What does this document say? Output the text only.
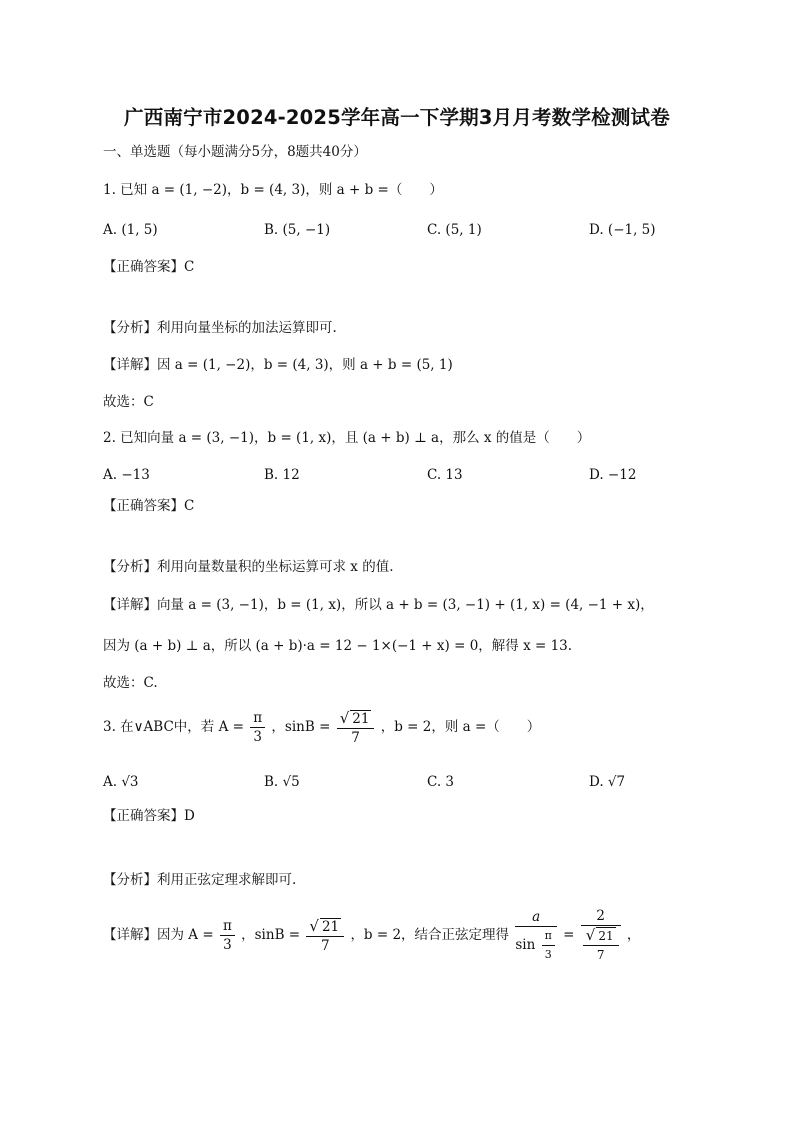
广西南宁市2024-2025学年高一下学期3月月考数学检测试卷
一、单选题（每小题满分5分，8题共40分）
1. 已知 a = (1, −2)，b = (4, 3)，则 a + b =（　　）
A. (1, 5)	B. (5, −1)	C. (5, 1)	D. (−1, 5)
【正确答案】C
【分析】利用向量坐标的加法运算即可.
【详解】因 a = (1, −2)，b = (4, 3)，则 a + b = (5, 1)
故选：C
2. 已知向量 a = (3, −1)，b = (1, x)，且 (a + b) ⊥ a，那么 x 的值是（　　）
A. −13	B. 12	C. 13	D. −12
【正确答案】C
【分析】利用向量数量积的坐标运算可求 x 的值.
【详解】向量 a = (3, −1)，b = (1, x)，所以 a + b = (3, −1) + (1, x) = (4, −1 + x)，
因为 (a + b) ⊥ a，所以 (a + b)·a = 12 − 1×(−1 + x) = 0，解得 x = 13.
故选：C.
3. 在∨ABC中，若 $A = \frac{\pi}{3}$ ，$\sin B = \frac{√ 21}{7}$ ，b = 2，则 a =（　　）
A. √3	B. √5	C. 3	D. √7
【正确答案】D
【分析】利用正弦定理求解即可.
【详解】因为 $A = \frac{\pi}{3}$ ，$\sin B = \frac{√ 21}{7}$ ，b = 2，结合正弦定理得 $\frac{a}{\sin \frac{\pi}{3}} = \frac{2}{\frac{√ 21}{7}}$ ，
